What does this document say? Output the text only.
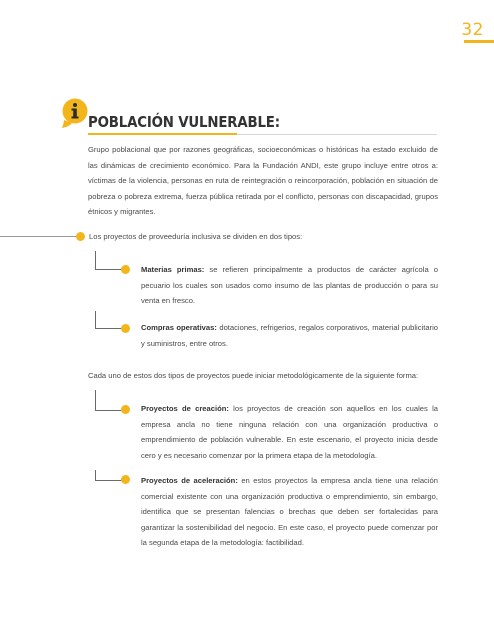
32
POBLACIÓN VULNERABLE:

Grupo poblacional que por razones geográficas, socioeconómicas o históricas ha estado excluido de las dinámicas de crecimiento económico. Para la Fundación ANDI, este grupo incluye entre otros a: víctimas de la violencia, personas en ruta de reintegración o reincorporación, población en situación de pobreza o pobreza extrema, fuerza pública retirada por el conflicto, personas con discapacidad, grupos étnicos y migrantes.

Los proyectos de proveeduría inclusiva se dividen en dos tipos:

Materias primas: se refieren principalmente a productos de carácter agrícola o pecuario los cuales son usados como insumo de las plantas de producción o para su venta en fresco.

Compras operativas: dotaciones, refrigerios, regalos corporativos, material publicitario y suministros, entre otros.

Cada uno de estos dos tipos de proyectos puede iniciar metodológicamente de la siguiente forma:

Proyectos de creación: los proyectos de creación son aquellos en los cuales la empresa ancla no tiene ninguna relación con una organización productiva o emprendimiento de población vulnerable. En este escenario, el proyecto inicia desde cero y es necesario comenzar por la primera etapa de la metodología.

Proyectos de aceleración: en estos proyectos la empresa ancla tiene una relación comercial existente con una organización productiva o emprendimiento, sin embargo, identifica que se presentan falencias o brechas que deben ser fortalecidas para garantizar la sostenibilidad del negocio. En este caso, el proyecto puede comenzar por la segunda etapa de la metodología: factibilidad.
